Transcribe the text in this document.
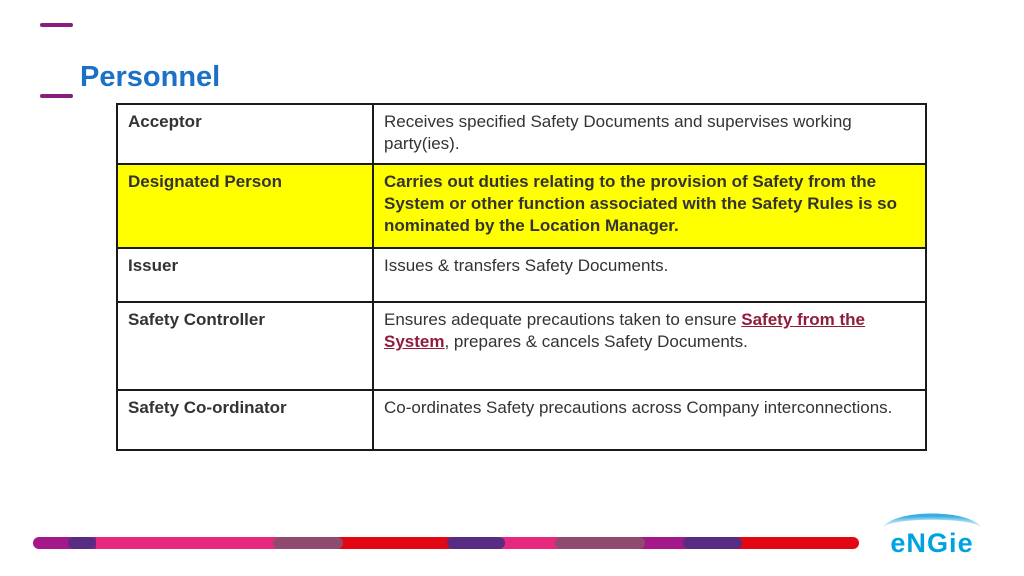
Personnel
Acceptor	Receives specified Safety Documents and supervises working party(ies).
Designated Person	Carries out duties relating to the provision of Safety from the System or other function associated with the Safety Rules is so nominated by the Location Manager.
Issuer	Issues & transfers Safety Documents.
Safety Controller	Ensures adequate precautions taken to ensure Safety from the System, prepares & cancels Safety Documents.
Safety Co-ordinator	Co-ordinates Safety precautions across Company interconnections.
eNGie
